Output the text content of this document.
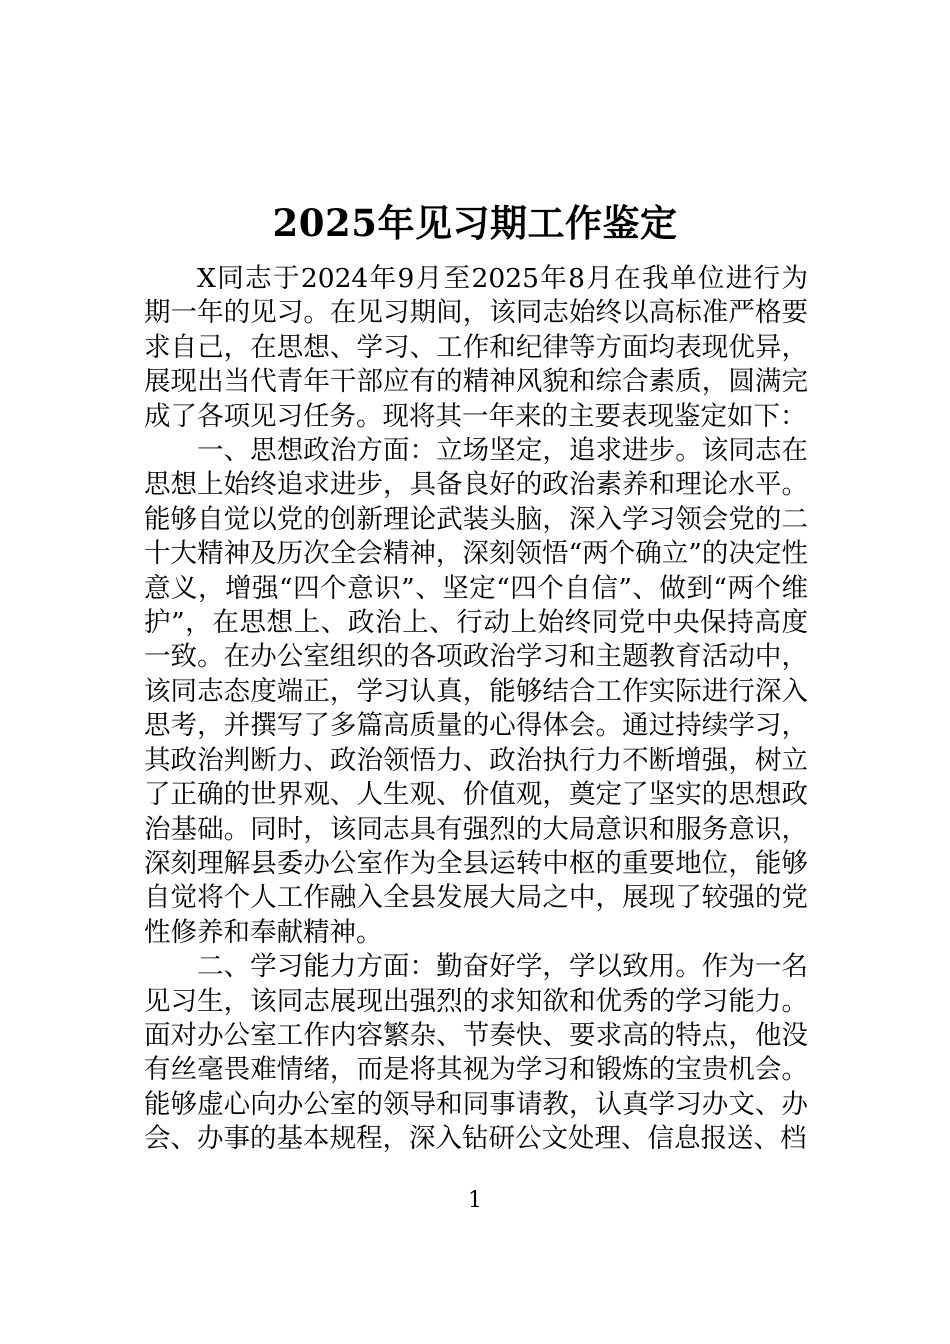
2025年见习期工作鉴定

X同志于2024年9月至2025年8月在我单位进行为期一年的见习。在见习期间，该同志始终以高标准严格要求自己，在思想、学习、工作和纪律等方面均表现优异，展现出当代青年干部应有的精神风貌和综合素质，圆满完成了各项见习任务。现将其一年来的主要表现鉴定如下：

一、思想政治方面：立场坚定，追求进步。该同志在思想上始终追求进步，具备良好的政治素养和理论水平。能够自觉以党的创新理论武装头脑，深入学习领会党的二十大精神及历次全会精神，深刻领悟“两个确立”的决定性意义，增强“四个意识”、坚定“四个自信”、做到“两个维护”，在思想上、政治上、行动上始终同党中央保持高度一致。在办公室组织的各项政治学习和主题教育活动中，该同志态度端正，学习认真，能够结合工作实际进行深入思考，并撰写了多篇高质量的心得体会。通过持续学习，其政治判断力、政治领悟力、政治执行力不断增强，树立了正确的世界观、人生观、价值观，奠定了坚实的思想政治基础。同时，该同志具有强烈的大局意识和服务意识，深刻理解县委办公室作为全县运转中枢的重要地位，能够自觉将个人工作融入全县发展大局之中，展现了较强的党性修养和奉献精神。

二、学习能力方面：勤奋好学，学以致用。作为一名见习生，该同志展现出强烈的求知欲和优秀的学习能力。面对办公室工作内容繁杂、节奏快、要求高的特点，他没有丝毫畏难情绪，而是将其视为学习和锻炼的宝贵机会。能够虚心向办公室的领导和同事请教，认真学习办文、办会、办事的基本规程，深入钻研公文处理、信息报送、档

1
